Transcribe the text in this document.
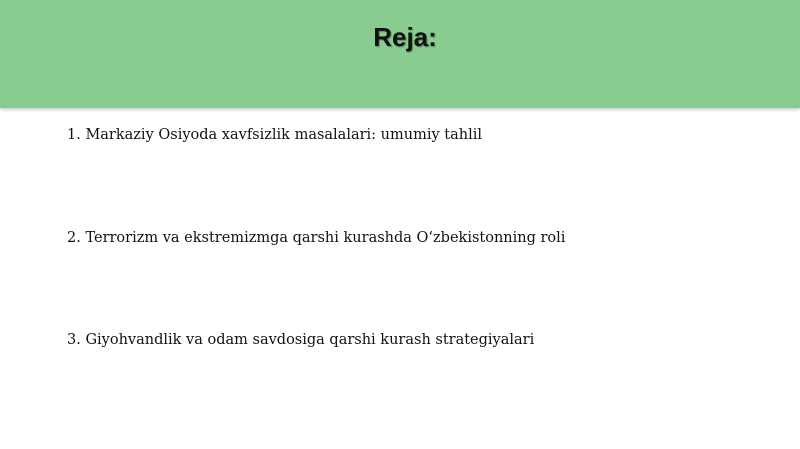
Reja:
1. Markaziy Osiyoda xavfsizlik masalalari: umumiy tahlil
2. Terrorizm va ekstremizmga qarshi kurashda O‘zbekistonning roli
3. Giyohvandlik va odam savdosiga qarshi kurash strategiyalari
